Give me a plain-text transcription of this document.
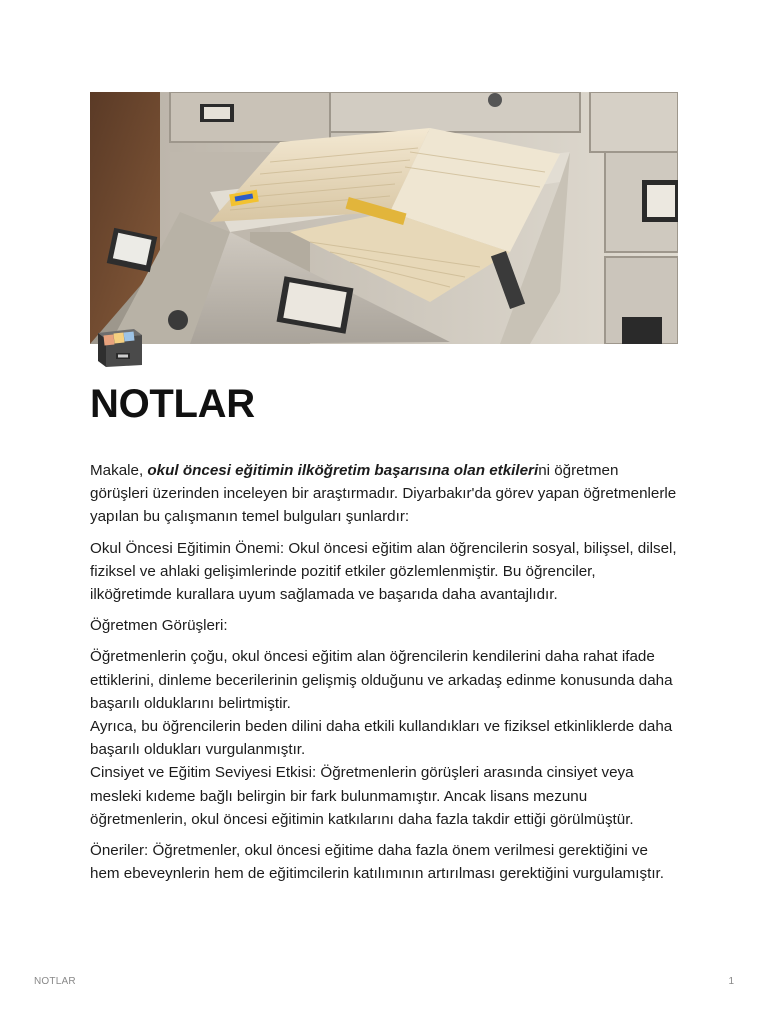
NOTLAR

Makale, okul öncesi eğitimin ilköğretim başarısına olan etkilerini öğretmen görüşleri üzerinden inceleyen bir araştırmadır. Diyarbakır'da görev yapan öğretmenlerle yapılan bu çalışmanın temel bulguları şunlardır:

Okul Öncesi Eğitimin Önemi: Okul öncesi eğitim alan öğrencilerin sosyal, bilişsel, dilsel, fiziksel ve ahlaki gelişimlerinde pozitif etkiler gözlemlenmiştir. Bu öğrenciler, ilköğretimde kurallara uyum sağlamada ve başarıda daha avantajlıdır.

Öğretmen Görüşleri:

Öğretmenlerin çoğu, okul öncesi eğitim alan öğrencilerin kendilerini daha rahat ifade ettiklerini, dinleme becerilerinin gelişmiş olduğunu ve arkadaş edinme konusunda daha başarılı olduklarını belirtmiştir.

Ayrıca, bu öğrencilerin beden dilini daha etkili kullandıkları ve fiziksel etkinliklerde daha başarılı oldukları vurgulanmıştır.

Cinsiyet ve Eğitim Seviyesi Etkisi: Öğretmenlerin görüşleri arasında cinsiyet veya mesleki kıdeme bağlı belirgin bir fark bulunmamıştır. Ancak lisans mezunu öğretmenlerin, okul öncesi eğitimin katkılarını daha fazla takdir ettiği görülmüştür.

Öneriler: Öğretmenler, okul öncesi eğitime daha fazla önem verilmesi gerektiğini ve hem ebeveynlerin hem de eğitimcilerin katılımının artırılması gerektiğini vurgulamıştır.

NOTLAR	1
